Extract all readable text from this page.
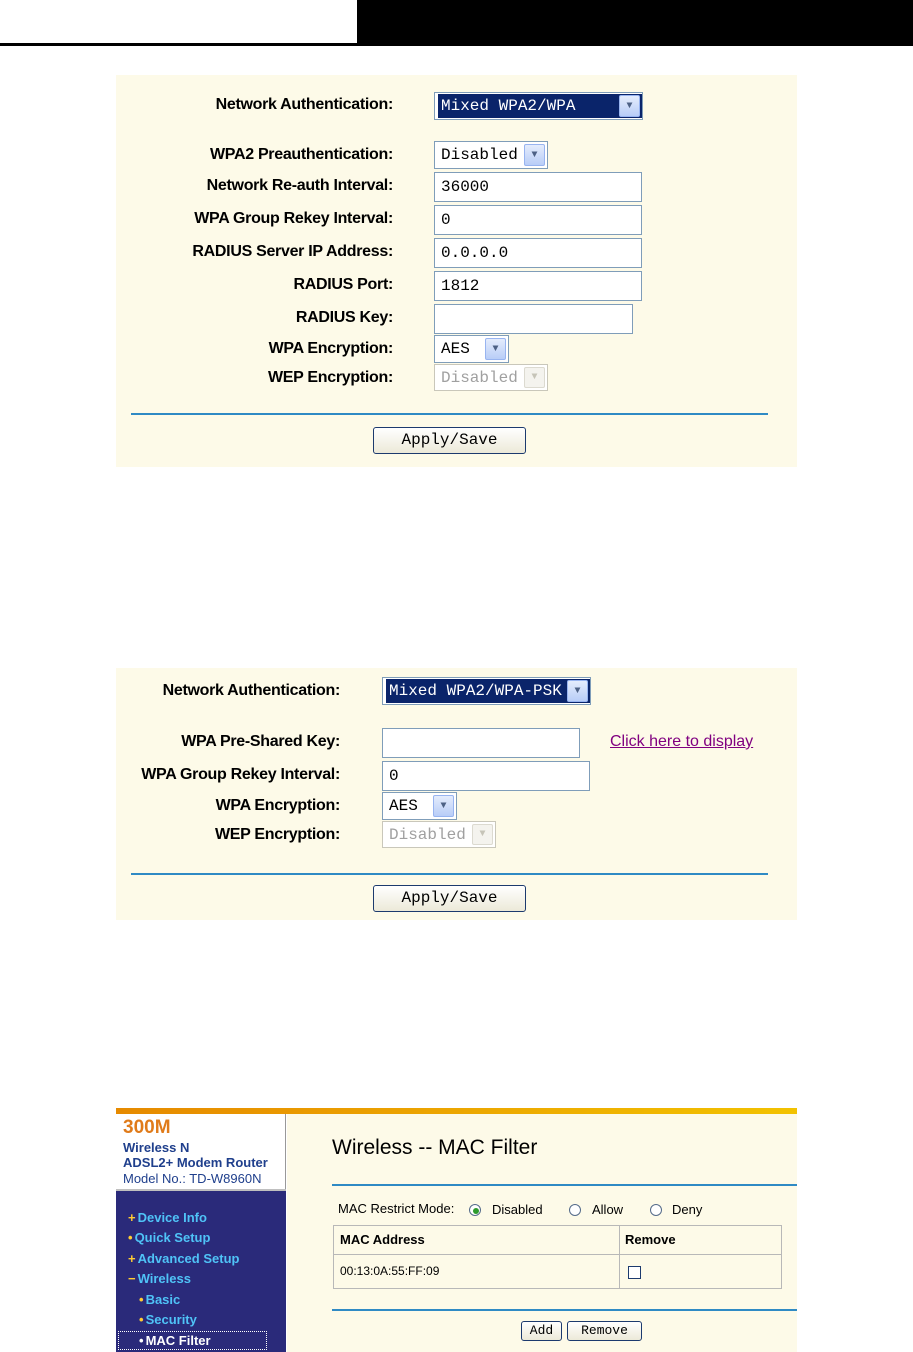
Network Authentication:	Mixed WPA2/WPA	▼
WPA2 Preauthentication:	Disabled	▼
Network Re-auth Interval:	36000
WPA Group Rekey Interval:	0
RADIUS Server IP Address:	0.0.0.0
RADIUS Port:	1812
RADIUS Key:
WPA Encryption:	AES	▼
WEP Encryption:	Disabled	▼
Apply/Save
Network Authentication:	Mixed WPA2/WPA-PSK	▼
WPA Pre-Shared Key:	Click here to display
WPA Group Rekey Interval:	0
WPA Encryption:	AES	▼
WEP Encryption:	Disabled	▼
Apply/Save
300M
Wireless N
ADSL2+ Modem Router
Model No.: TD-W8960N
+ Device Info
• Quick Setup
+ Advanced Setup
− Wireless
• Basic
• Security
• MAC Filter
Wireless -- MAC Filter
MAC Restrict Mode:	Disabled	Allow	Deny
MAC Address	Remove
00:13:0A:55:FF:09
Add	Remove
